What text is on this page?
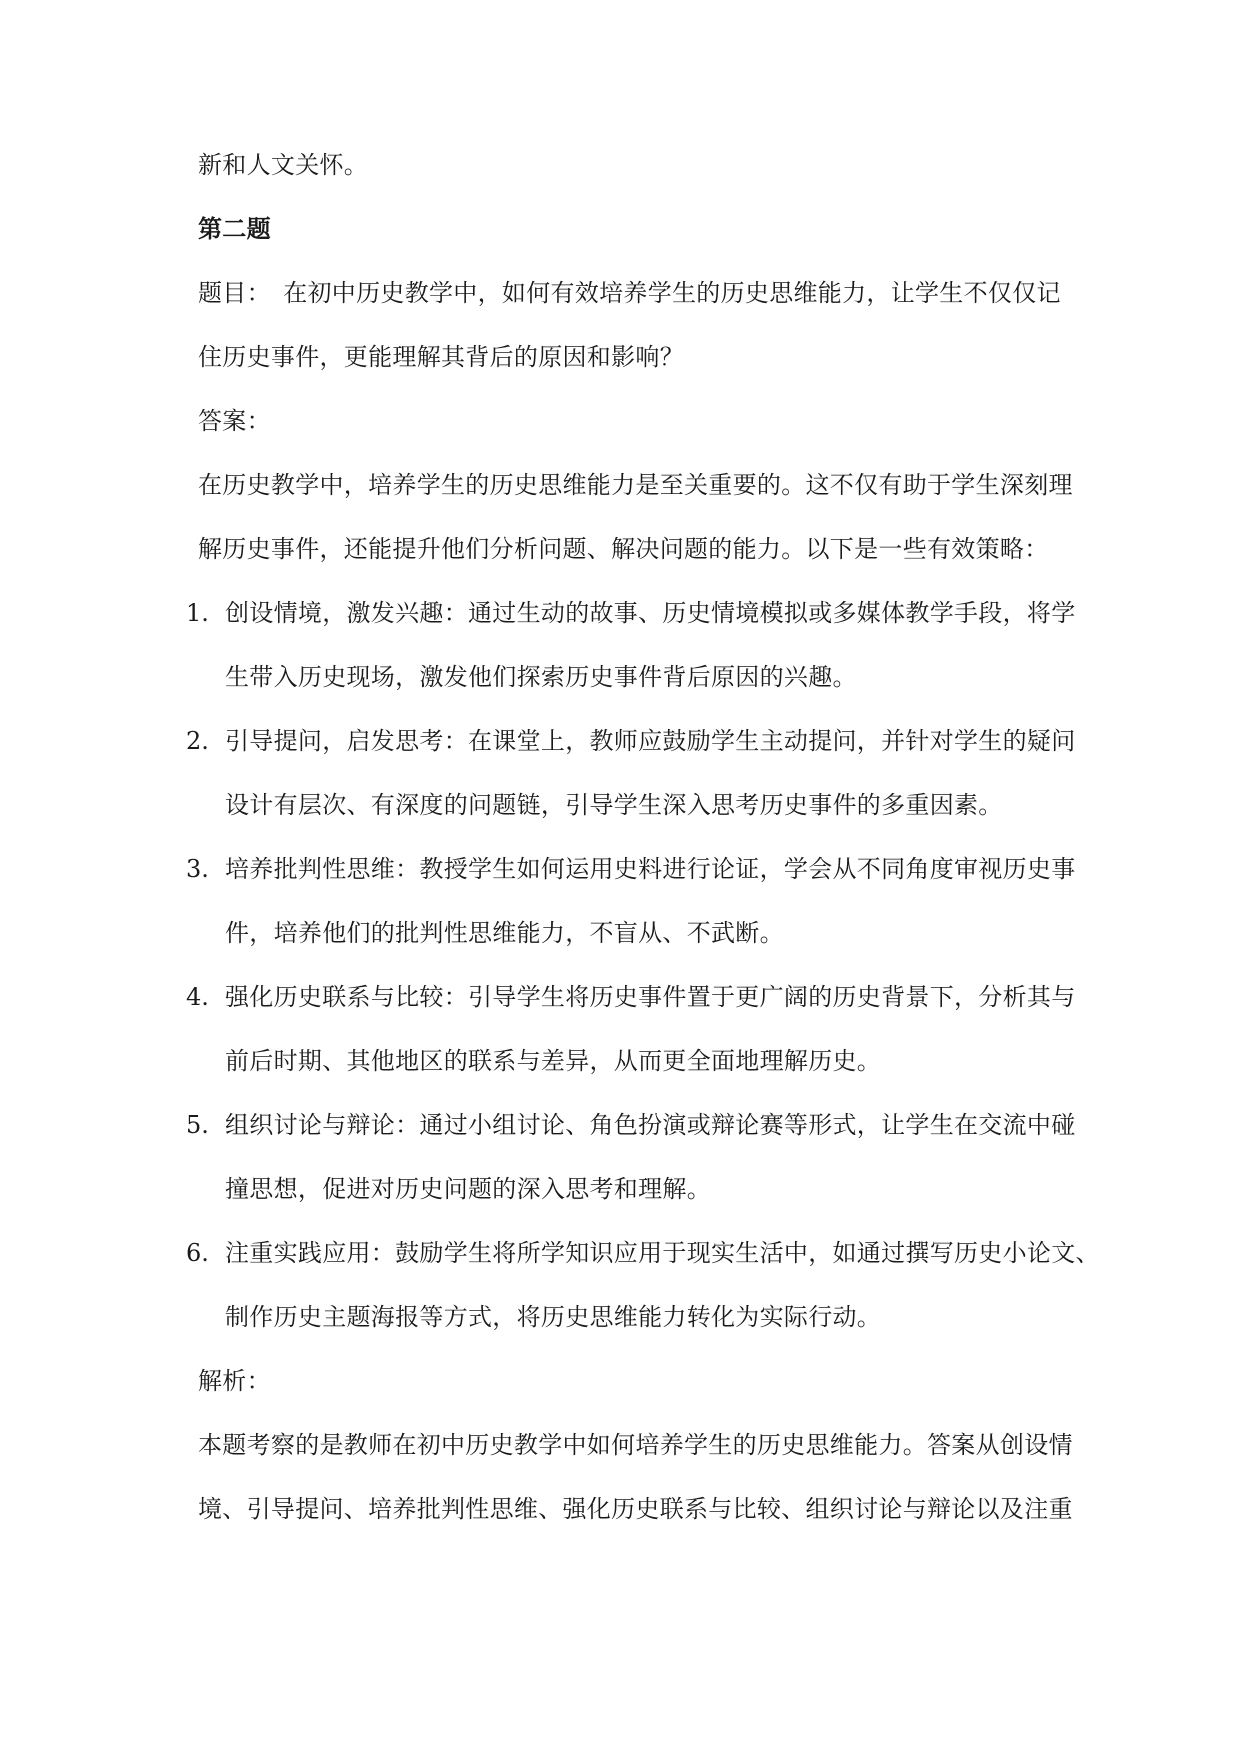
新和人文关怀。
第二题
题目：　在初中历史教学中，如何有效培养学生的历史思维能力，让学生不仅仅记
住历史事件，更能理解其背后的原因和影响？
答案：
在历史教学中，培养学生的历史思维能力是至关重要的。这不仅有助于学生深刻理
解历史事件，还能提升他们分析问题、解决问题的能力。以下是一些有效策略：
1. 创设情境，激发兴趣：通过生动的故事、历史情境模拟或多媒体教学手段，将学
生带入历史现场，激发他们探索历史事件背后原因的兴趣。
2. 引导提问，启发思考：在课堂上，教师应鼓励学生主动提问，并针对学生的疑问
设计有层次、有深度的问题链，引导学生深入思考历史事件的多重因素。
3. 培养批判性思维：教授学生如何运用史料进行论证，学会从不同角度审视历史事
件，培养他们的批判性思维能力，不盲从、不武断。
4. 强化历史联系与比较：引导学生将历史事件置于更广阔的历史背景下，分析其与
前后时期、其他地区的联系与差异，从而更全面地理解历史。
5. 组织讨论与辩论：通过小组讨论、角色扮演或辩论赛等形式，让学生在交流中碰
撞思想，促进对历史问题的深入思考和理解。
6. 注重实践应用：鼓励学生将所学知识应用于现实生活中，如通过撰写历史小论文、
制作历史主题海报等方式，将历史思维能力转化为实际行动。
解析：
本题考察的是教师在初中历史教学中如何培养学生的历史思维能力。答案从创设情
境、引导提问、培养批判性思维、强化历史联系与比较、组织讨论与辩论以及注重
